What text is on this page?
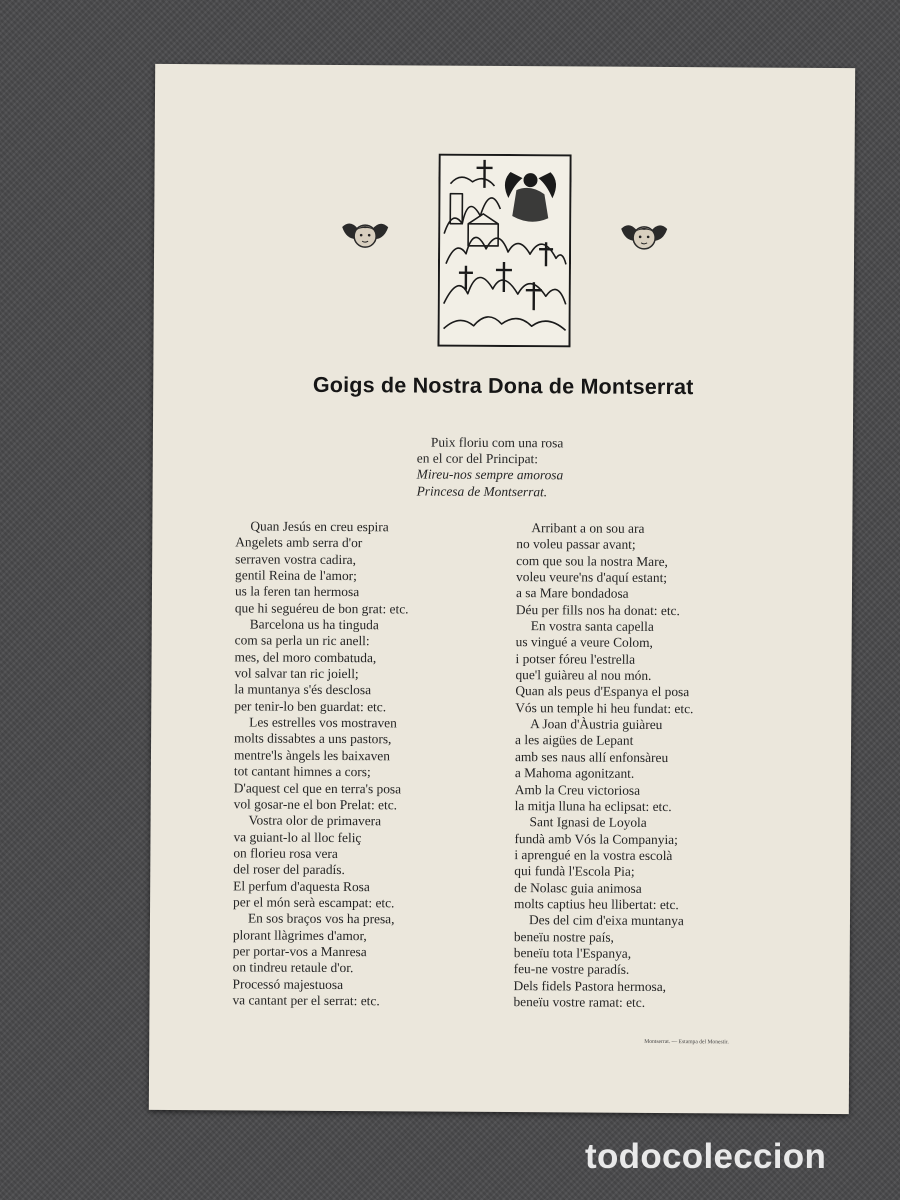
Goigs de Nostra Dona de Montserrat
Puix floriu com una rosa
en el cor del Principat:
Mireu-nos sempre amorosa
Princesa de Montserrat.
Quan Jesús en creu espira
Angelets amb serra d'or
serraven vostra cadira,
gentil Reina de l'amor;
us la feren tan hermosa
que hi seguéreu de bon grat: etc.
Barcelona us ha tinguda
com sa perla un ric anell:
mes, del moro combatuda,
vol salvar tan ric joiell;
la muntanya s'és desclosa
per tenir-lo ben guardat: etc.
Les estrelles vos mostraven
molts dissabtes a uns pastors,
mentre'ls àngels les baixaven
tot cantant himnes a cors;
D'aquest cel que en terra's posa
vol gosar-ne el bon Prelat: etc.
Vostra olor de primavera
va guiant-lo al lloc feliç
on florieu rosa vera
del roser del paradís.
El perfum d'aquesta Rosa
per el món serà escampat: etc.
En sos braços vos ha presa,
plorant llàgrimes d'amor,
per portar-vos a Manresa
on tindreu retaule d'or.
Processó majestuosa
va cantant per el serrat: etc.
Arribant a on sou ara
no voleu passar avant;
com que sou la nostra Mare,
voleu veure'ns d'aquí estant;
a sa Mare bondadosa
Déu per fills nos ha donat: etc.
En vostra santa capella
us vingué a veure Colom,
i potser fóreu l'estrella
que'l guiàreu al nou món.
Quan als peus d'Espanya el posa
Vós un temple hi heu fundat: etc.
A Joan d'Àustria guiàreu
a les aigües de Lepant
amb ses naus allí enfonsàreu
a Mahoma agonitzant.
Amb la Creu victoriosa
la mitja lluna ha eclipsat: etc.
Sant Ignasi de Loyola
fundà amb Vós la Companyia;
i aprengué en la vostra escolà
qui fundà l'Escola Pia;
de Nolasc guia animosa
molts captius heu llibertat: etc.
Des del cim d'eixa muntanya
beneïu nostre país,
beneïu tota l'Espanya,
feu-ne vostre paradís.
Dels fidels Pastora hermosa,
beneïu vostre ramat: etc.
Montserrat. — Estampa del Monestir.
todocoleccion
